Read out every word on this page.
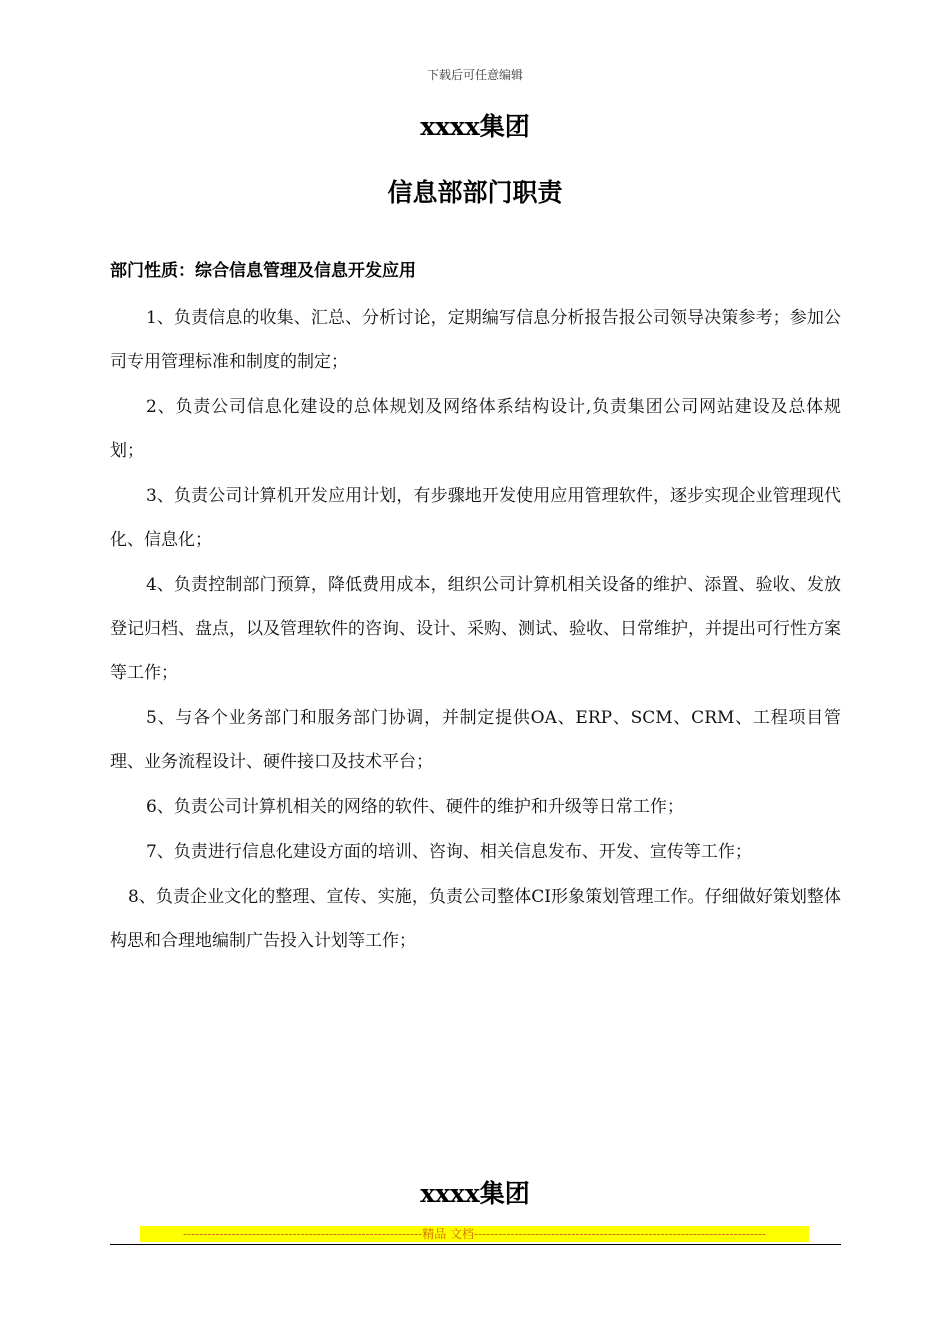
下载后可任意编辑
xxxx集团
信息部部门职责
部门性质：综合信息管理及信息开发应用

1、负责信息的收集、汇总、分析讨论，定期编写信息分析报告报公司领导决策参考；参加公司专用管理标准和制度的制定；

2、负责公司信息化建设的总体规划及网络体系结构设计,负责集团公司网站建设及总体规划；

3、负责公司计算机开发应用计划，有步骤地开发使用应用管理软件，逐步实现企业管理现代化、信息化；

4、负责控制部门预算，降低费用成本，组织公司计算机相关设备的维护、添置、验收、发放登记归档、盘点，以及管理软件的咨询、设计、采购、测试、验收、日常维护，并提出可行性方案等工作；

5、与各个业务部门和服务部门协调，并制定提供OA、ERP、SCM、CRM、工程项目管理、业务流程设计、硬件接口及技术平台；

6、负责公司计算机相关的网络的软件、硬件的维护和升级等日常工作；

7、负责进行信息化建设方面的培训、咨询、相关信息发布、开发、宣传等工作；

8、负责企业文化的整理、宣传、实施，负责公司整体CI形象策划管理工作。仔细做好策划整体构思和合理地编制广告投入计划等工作；

xxxx集团
-----------------------------------------------------------精品 文档------------------------------------------------------------------------
